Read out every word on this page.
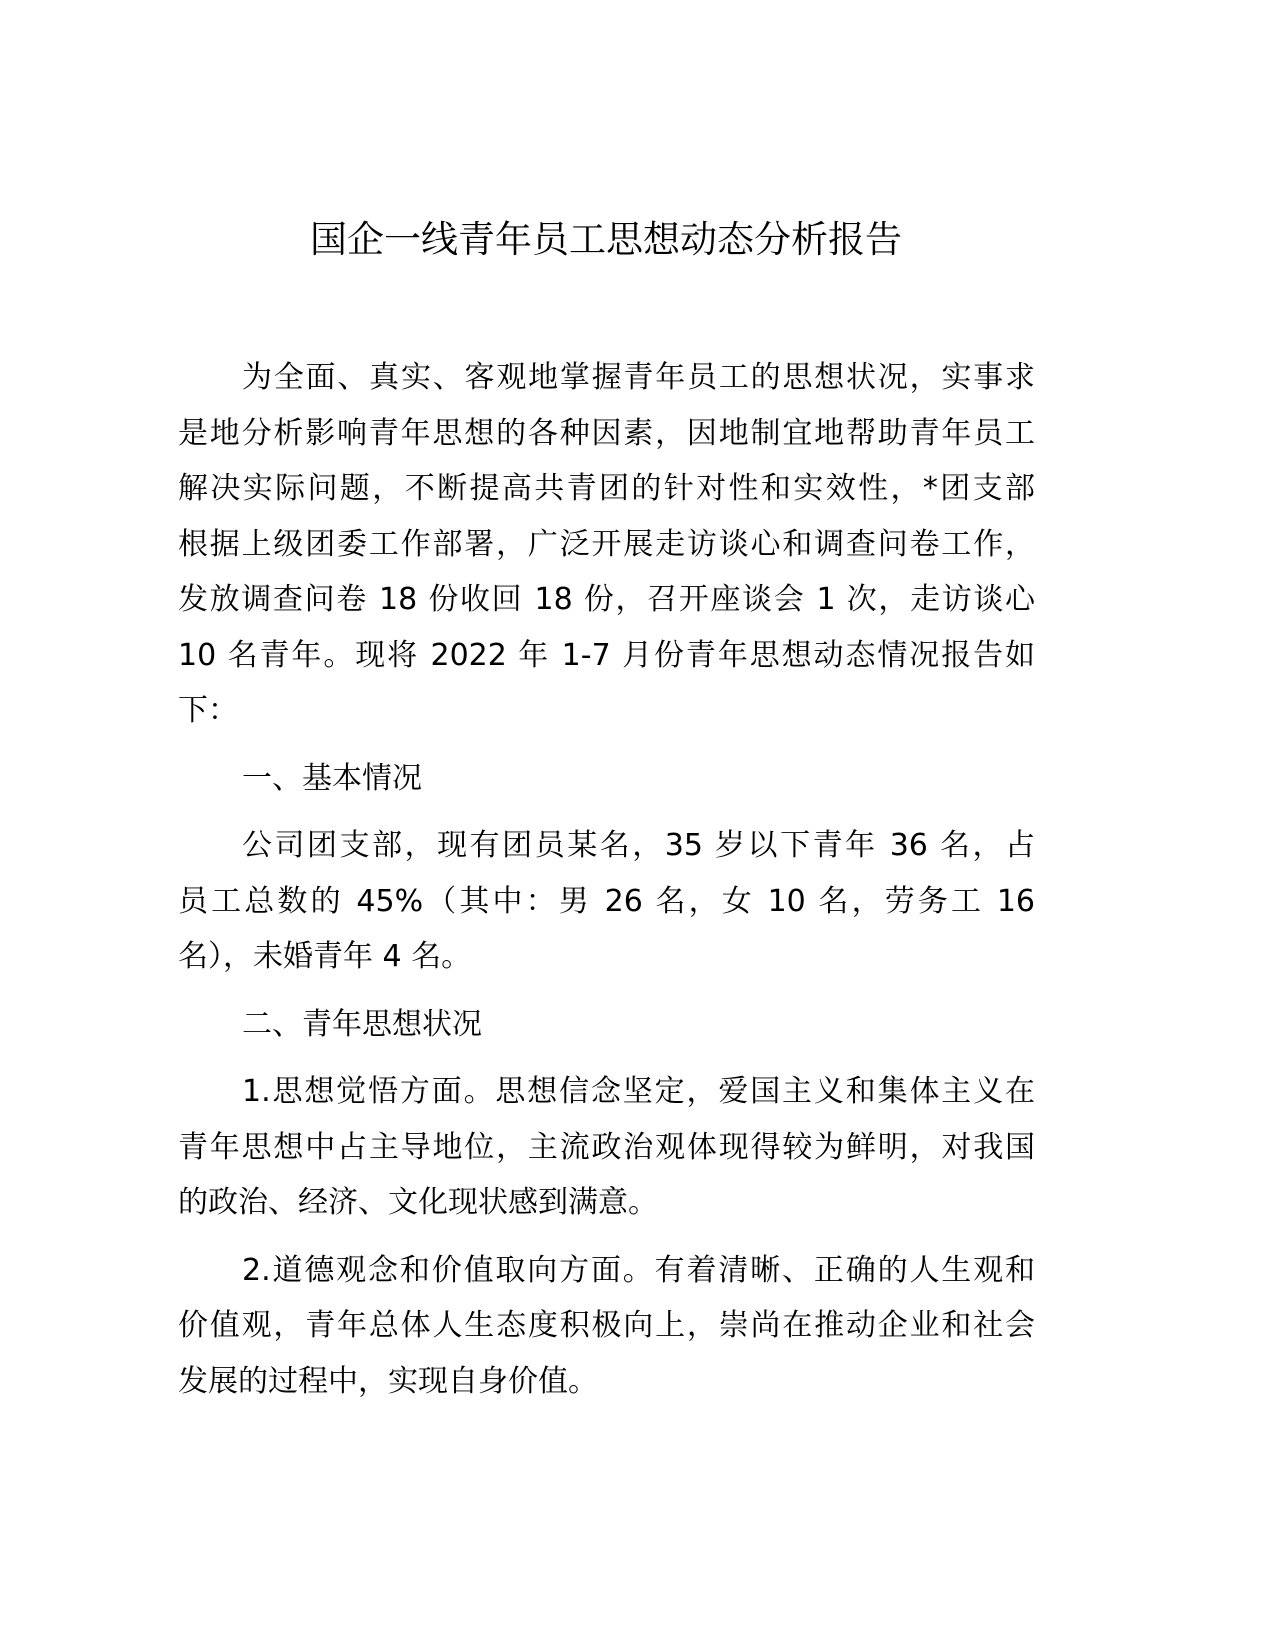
国企一线青年员工思想动态分析报告
为全面、真实、客观地掌握青年员工的思想状况，实事求
是地分析影响青年思想的各种因素，因地制宜地帮助青年员工
解决实际问题，不断提高共青团的针对性和实效性，*团支部
根据上级团委工作部署，广泛开展走访谈心和调查问卷工作，
发放调查问卷 18 份收回 18 份，召开座谈会 1 次，走访谈心
10 名青年。现将 2022 年 1-7 月份青年思想动态情况报告如
下：
一、基本情况
公司团支部，现有团员某名，35 岁以下青年 36 名，占
员工总数的 45%（其中：男 26 名，女 10 名，劳务工 16
名），未婚青年 4 名。
二、青年思想状况
1.思想觉悟方面。思想信念坚定，爱国主义和集体主义在
青年思想中占主导地位，主流政治观体现得较为鲜明，对我国
的政治、经济、文化现状感到满意。
2.道德观念和价值取向方面。有着清晰、正确的人生观和
价值观，青年总体人生态度积极向上，崇尚在推动企业和社会
发展的过程中，实现自身价值。
